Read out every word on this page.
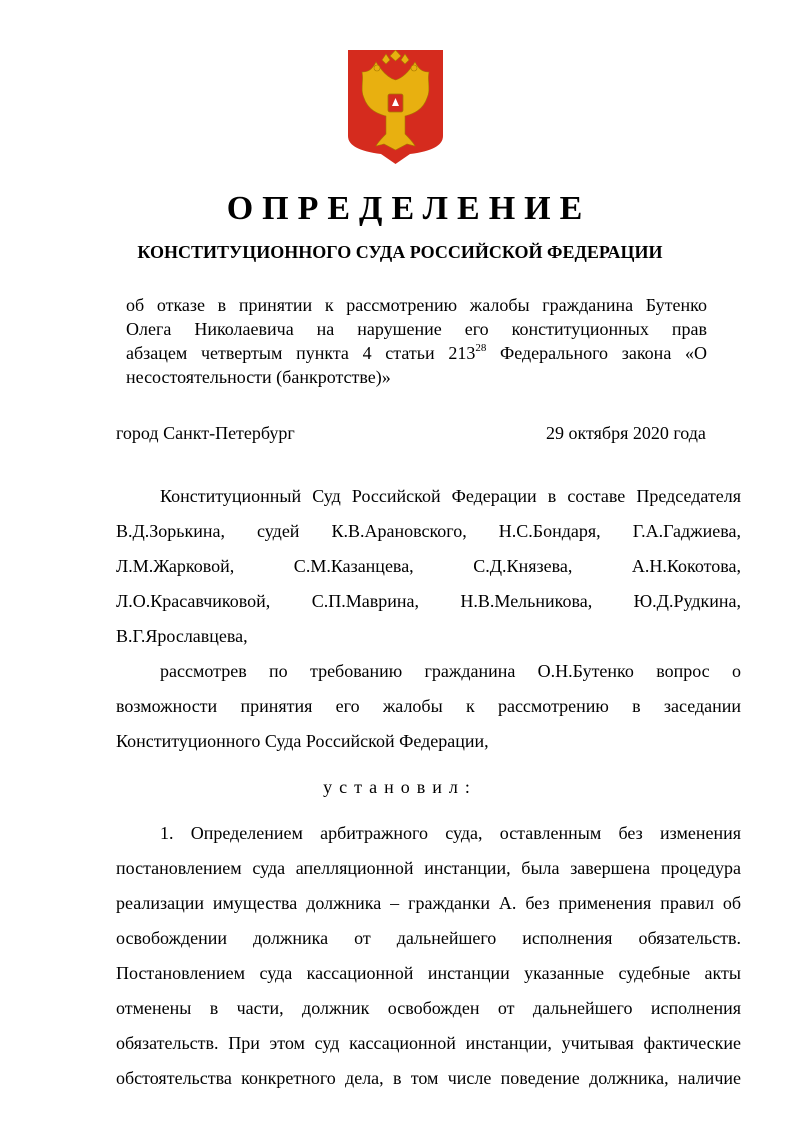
ОПРЕДЕЛЕНИЕ
КОНСТИТУЦИОННОГО СУДА РОССИЙСКОЙ ФЕДЕРАЦИИ
об отказе в принятии к рассмотрению жалобы гражданина Бутенко
Олега Николаевича на нарушение его конституционных прав
абзацем четвертым пункта 4 статьи $213^{28}$ Федерального закона «О
несостоятельности (банкротстве)»
город Санкт-Петербург	29 октября 2020 года
Конституционный Суд Российской Федерации в составе Председателя
В.Д.Зорькина, судей К.В.Арановского, Н.С.Бондаря, Г.А.Гаджиева,
Л.М.Жарковой, С.М.Казанцева, С.Д.Князева, А.Н.Кокотова,
Л.О.Красавчиковой, С.П.Маврина, Н.В.Мельникова, Ю.Д.Рудкина,
В.Г.Ярославцева,
рассмотрев по требованию гражданина О.Н.Бутенко вопрос о
возможности принятия его жалобы к рассмотрению в заседании
Конституционного Суда Российской Федерации,
установил:
1. Определением арбитражного суда, оставленным без изменения
постановлением суда апелляционной инстанции, была завершена процедура
реализации имущества должника – гражданки А. без применения правил об
освобождении должника от дальнейшего исполнения обязательств.
Постановлением суда кассационной инстанции указанные судебные акты
отменены в части, должник освобожден от дальнейшего исполнения
обязательств. При этом суд кассационной инстанции, учитывая фактические
обстоятельства конкретного дела, в том числе поведение должника, наличие
